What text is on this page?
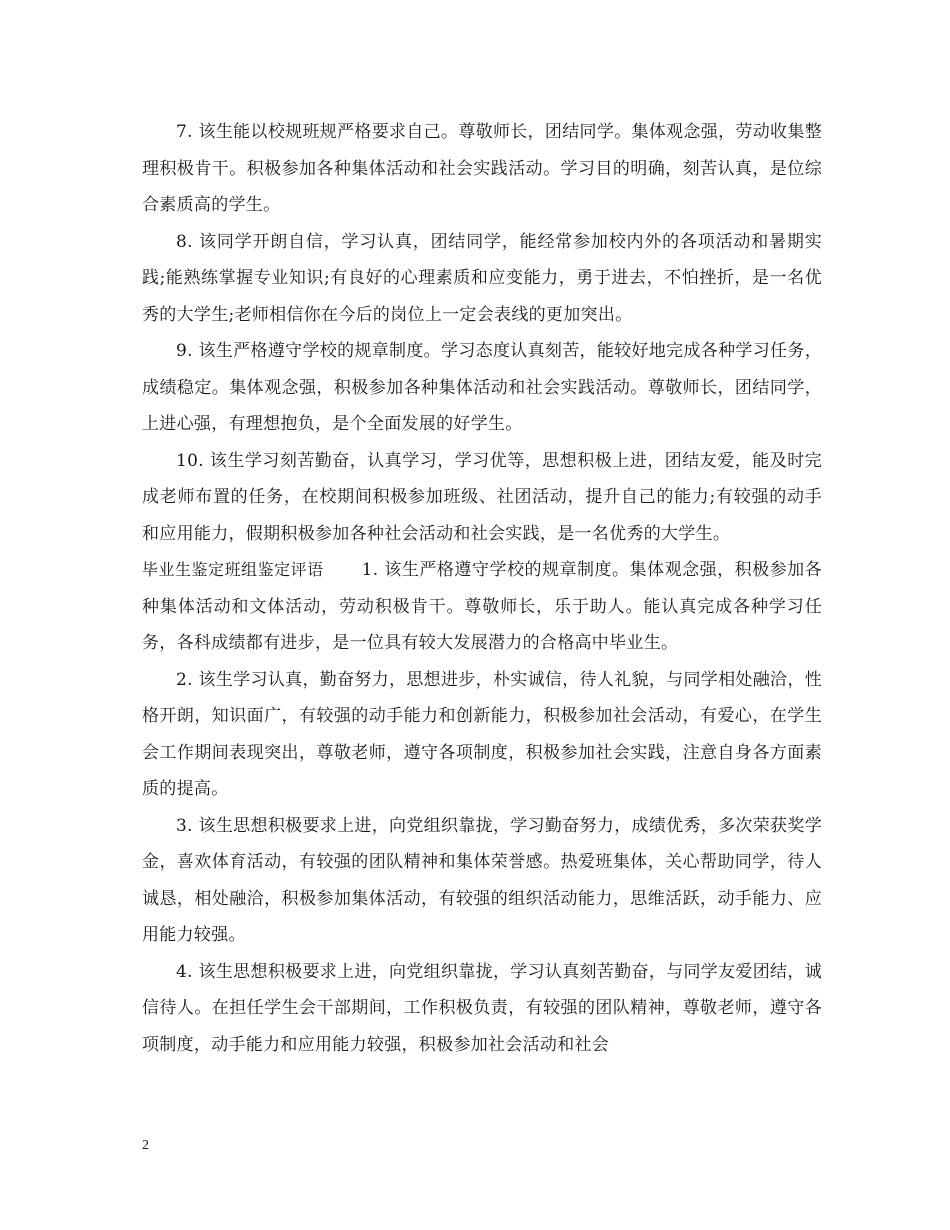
7. 该生能以校规班规严格要求自己。尊敬师长，团结同学。集体观念强，劳动收集整理积极肯干。积极参加各种集体活动和社会实践活动。学习目的明确，刻苦认真，是位综合素质高的学生。

8. 该同学开朗自信，学习认真，团结同学，能经常参加校内外的各项活动和暑期实践;能熟练掌握专业知识;有良好的心理素质和应变能力，勇于进去，不怕挫折，是一名优秀的大学生;老师相信你在今后的岗位上一定会表线的更加突出。

9. 该生严格遵守学校的规章制度。学习态度认真刻苦，能较好地完成各种学习任务，成绩稳定。集体观念强，积极参加各种集体活动和社会实践活动。尊敬师长，团结同学，上进心强，有理想抱负，是个全面发展的好学生。

10. 该生学习刻苦勤奋，认真学习，学习优等，思想积极上进，团结友爱，能及时完成老师布置的任务，在校期间积极参加班级、社团活动，提升自己的能力;有较强的动手和应用能力，假期积极参加各种社会活动和社会实践，是一名优秀的大学生。

毕业生鉴定班组鉴定评语 1. 该生严格遵守学校的规章制度。集体观念强，积极参加各种集体活动和文体活动，劳动积极肯干。尊敬师长，乐于助人。能认真完成各种学习任务，各科成绩都有进步，是一位具有较大发展潜力的合格高中毕业生。

2. 该生学习认真，勤奋努力，思想进步，朴实诚信，待人礼貌，与同学相处融洽，性格开朗，知识面广，有较强的动手能力和创新能力，积极参加社会活动，有爱心，在学生会工作期间表现突出，尊敬老师，遵守各项制度，积极参加社会实践，注意自身各方面素质的提高。

3. 该生思想积极要求上进，向党组织靠拢，学习勤奋努力，成绩优秀，多次荣获奖学金，喜欢体育活动，有较强的团队精神和集体荣誉感。热爱班集体，关心帮助同学，待人诚恳，相处融洽，积极参加集体活动，有较强的组织活动能力，思维活跃，动手能力、应用能力较强。

4. 该生思想积极要求上进，向党组织靠拢，学习认真刻苦勤奋，与同学友爱团结，诚信待人。在担任学生会干部期间，工作积极负责，有较强的团队精神，尊敬老师，遵守各项制度，动手能力和应用能力较强，积极参加社会活动和社会

2
